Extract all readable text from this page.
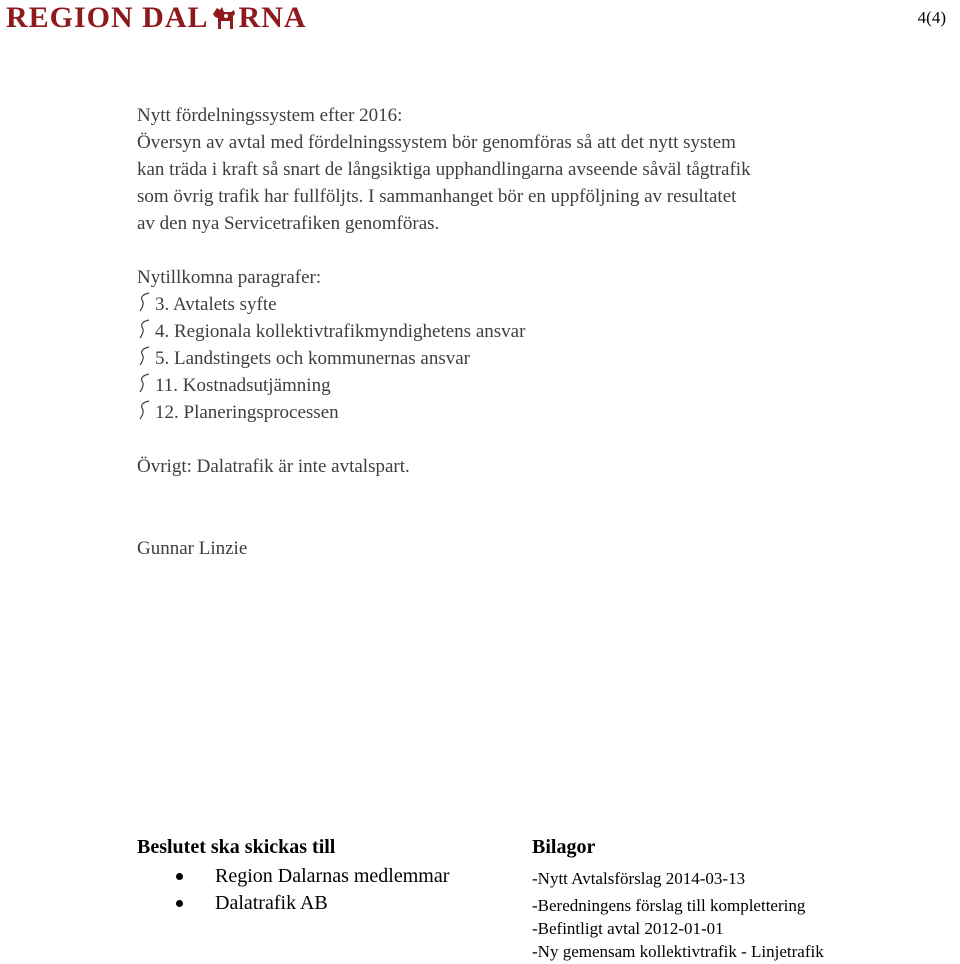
REGION DAL RNA	4(4)
Nytt fördelningssystem efter 2016:
Översyn av avtal med fördelningssystem bör genomföras så att det nytt system
kan träda i kraft så snart de långsiktiga upphandlingarna avseende såväl tågtrafik
som övrig trafik har fullföljts. I sammanhanget bör en uppföljning av resultatet
av den nya Servicetrafiken genomföras.
Nytillkomna paragrafer:
3. Avtalets syfte
4. Regionala kollektivtrafikmyndighetens ansvar
5. Landstingets och kommunernas ansvar
11. Kostnadsutjämning
12. Planeringsprocessen
Övrigt: Dalatrafik är inte avtalspart.
Gunnar Linzie
Beslutet ska skickas till	Bilagor
Region Dalarnas medlemmar
Dalatrafik AB
-Nytt Avtalsförslag 2014-03-13
-Beredningens förslag till komplettering
-Befintligt avtal 2012-01-01
-Ny gemensam kollektivtrafik - Linjetrafik
